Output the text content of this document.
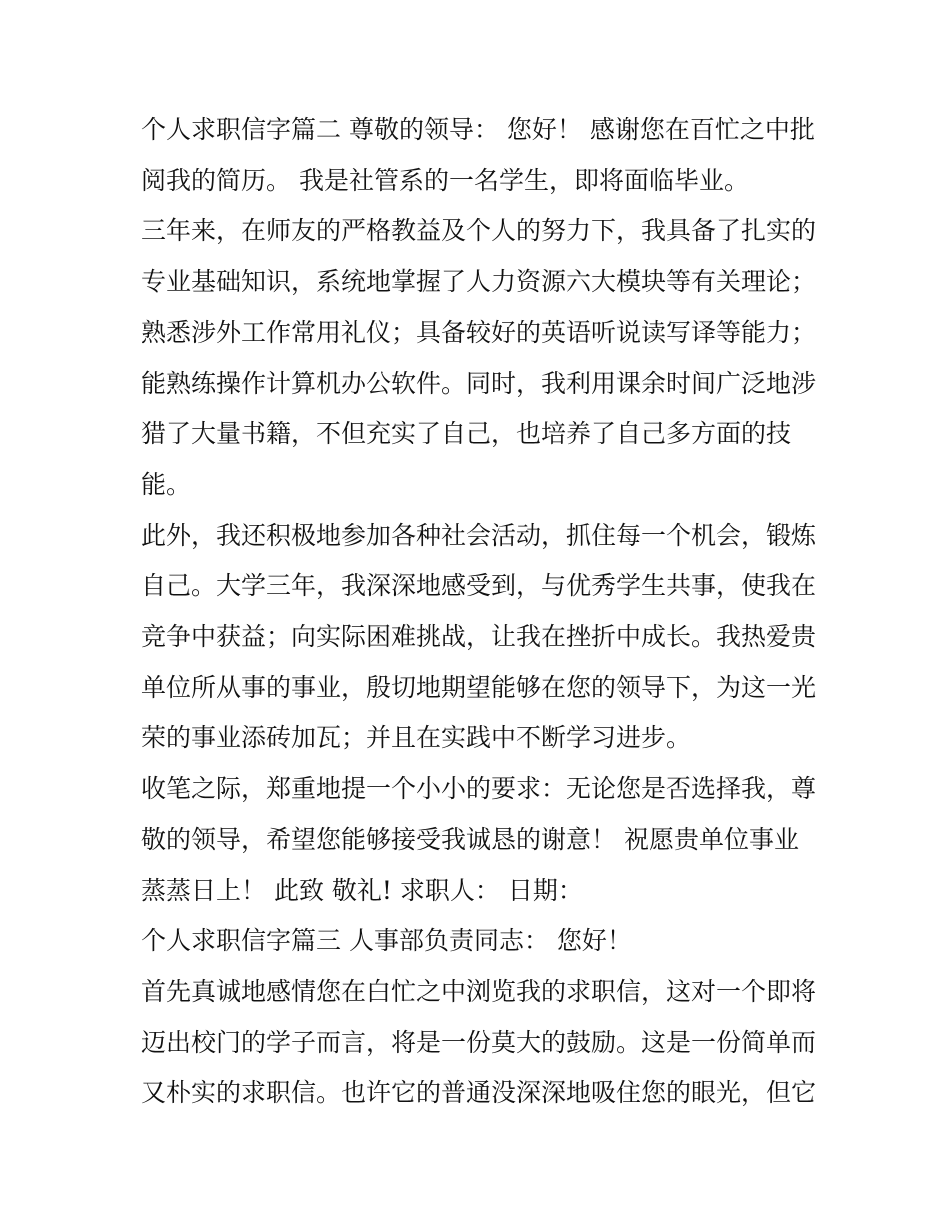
个人求职信字篇二 尊敬的领导： 您好！ 感谢您在百忙之中批阅我的简历。 我是社管系的一名学生，即将面临毕业。

三年来，在师友的严格教益及个人的努力下，我具备了扎实的专业基础知识，系统地掌握了人力资源六大模块等有关理论；熟悉涉外工作常用礼仪；具备较好的英语听说读写译等能力；能熟练操作计算机办公软件。同时，我利用课余时间广泛地涉猎了大量书籍，不但充实了自己，也培养了自己多方面的技能。

此外，我还积极地参加各种社会活动，抓住每一个机会，锻炼自己。大学三年，我深深地感受到，与优秀学生共事，使我在竞争中获益；向实际困难挑战，让我在挫折中成长。我热爱贵单位所从事的事业，殷切地期望能够在您的领导下，为这一光荣的事业添砖加瓦；并且在实践中不断学习进步。

收笔之际，郑重地提一个小小的要求：无论您是否选择我，尊敬的领导，希望您能够接受我诚恳的谢意！ 祝愿贵单位事业蒸蒸日上！ 此致 敬礼! 求职人： 日期：

个人求职信字篇三 人事部负责同志： 您好！

首先真诚地感情您在白忙之中浏览我的求职信，这对一个即将迈出校门的学子而言，将是一份莫大的鼓励。这是一份简单而又朴实的求职信。也许它的普通没深深地吸住您的眼光，但它
